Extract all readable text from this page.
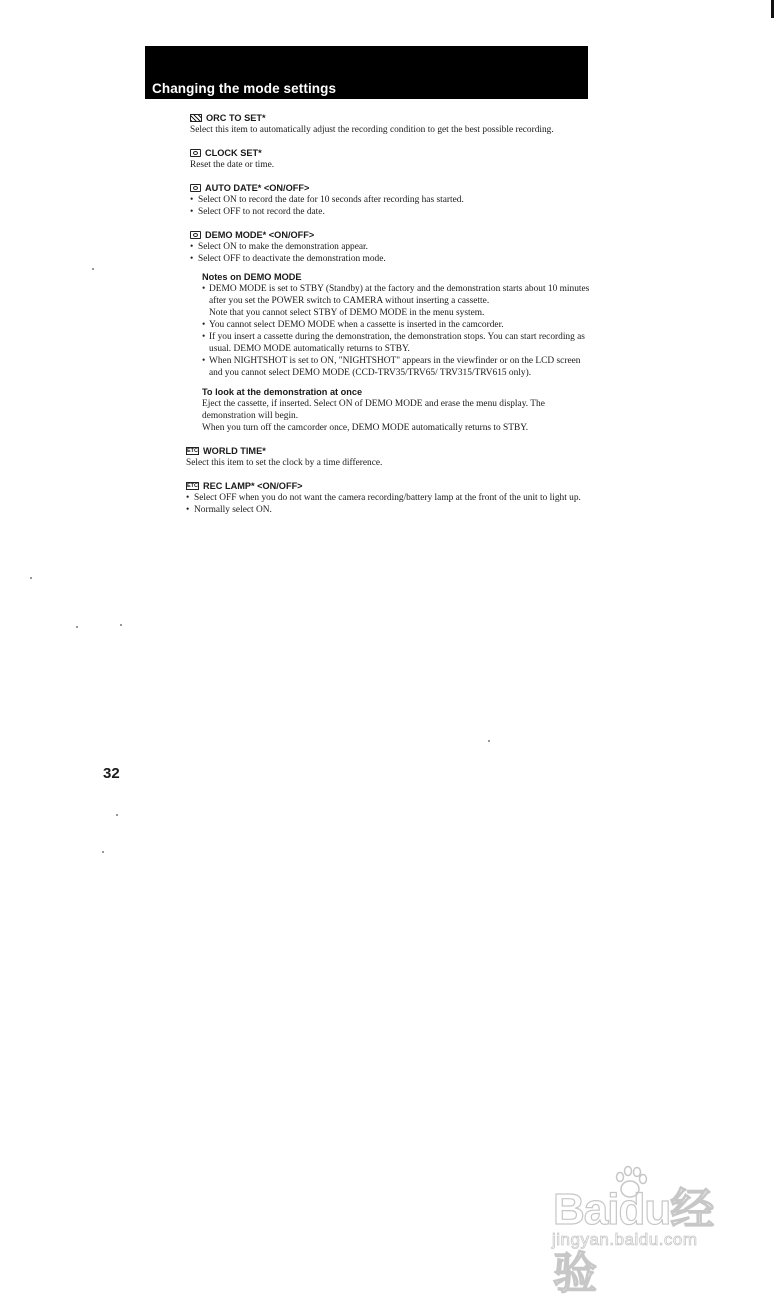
Changing the mode settings
ORC TO SET*
Select this item to automatically adjust the recording condition to get the best possible recording.
CLOCK SET*
Reset the date or time.
AUTO DATE* <ON/OFF>
• Select ON to record the date for 10 seconds after recording has started.
• Select OFF to not record the date.
DEMO MODE* <ON/OFF>
• Select ON to make the demonstration appear.
• Select OFF to deactivate the demonstration mode.
Notes on DEMO MODE
• DEMO MODE is set to STBY (Standby) at the factory and the demonstration starts about 10 minutes after you set the POWER switch to CAMERA without inserting a cassette.
Note that you cannot select STBY of DEMO MODE in the menu system.
• You cannot select DEMO MODE when a cassette is inserted in the camcorder.
• If you insert a cassette during the demonstration, the demonstration stops. You can start recording as usual. DEMO MODE automatically returns to STBY.
• When NIGHTSHOT is set to ON, "NIGHTSHOT" appears in the viewfinder or on the LCD screen and you cannot select DEMO MODE (CCD-TRV35/TRV65/ TRV315/TRV615 only).
To look at the demonstration at once
Eject the cassette, if inserted. Select ON of DEMO MODE and erase the menu display. The demonstration will begin.
When you turn off the camcorder once, DEMO MODE automatically returns to STBY.
ETC WORLD TIME*
Select this item to set the clock by a time difference.
ETC REC LAMP* <ON/OFF>
• Select OFF when you do not want the camera recording/battery lamp at the front of the unit to light up.
• Normally select ON.
32
Baidu经验
jingyan.baidu.com
